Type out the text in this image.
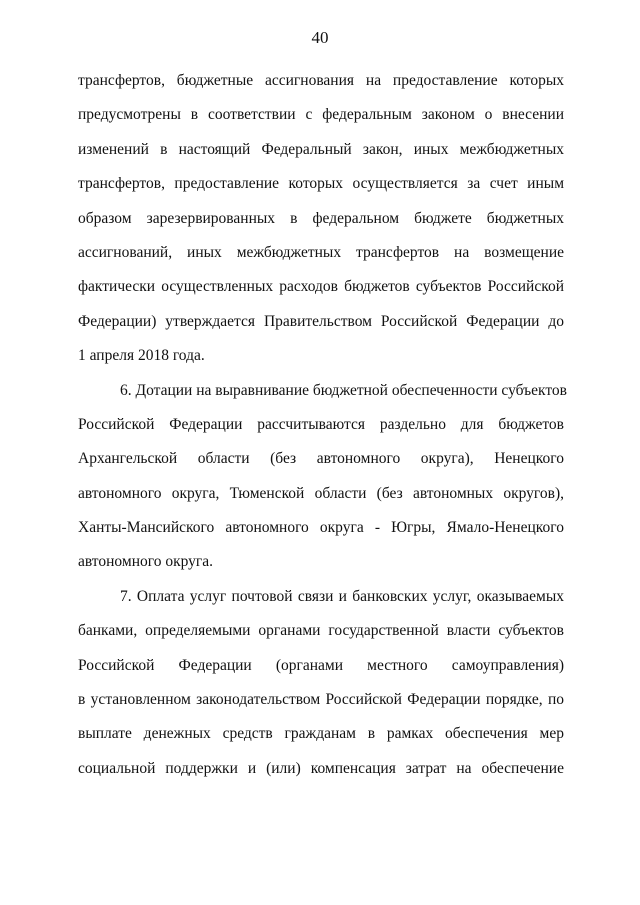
40
трансфертов, бюджетные ассигнования на предоставление которых
предусмотрены в соответствии с федеральным законом о внесении
изменений в настоящий Федеральный закон, иных межбюджетных
трансфертов, предоставление которых осуществляется за счет иным
образом зарезервированных в федеральном бюджете бюджетных
ассигнований, иных межбюджетных трансфертов на возмещение
фактически осуществленных расходов бюджетов субъектов Российской
Федерации) утверждается Правительством Российской Федерации до
1 апреля 2018 года.
6. Дотации на выравнивание бюджетной обеспеченности субъектов
Российской Федерации рассчитываются раздельно для бюджетов
Архангельской области (без автономного округа), Ненецкого
автономного округа, Тюменской области (без автономных округов),
Ханты-Мансийского автономного округа - Югры, Ямало-Ненецкого
автономного округа.
7. Оплата услуг почтовой связи и банковских услуг, оказываемых
банками, определяемыми органами государственной власти субъектов
Российской Федерации (органами местного самоуправления)
в установленном законодательством Российской Федерации порядке, по
выплате денежных средств гражданам в рамках обеспечения мер
социальной поддержки и (или) компенсация затрат на обеспечение
